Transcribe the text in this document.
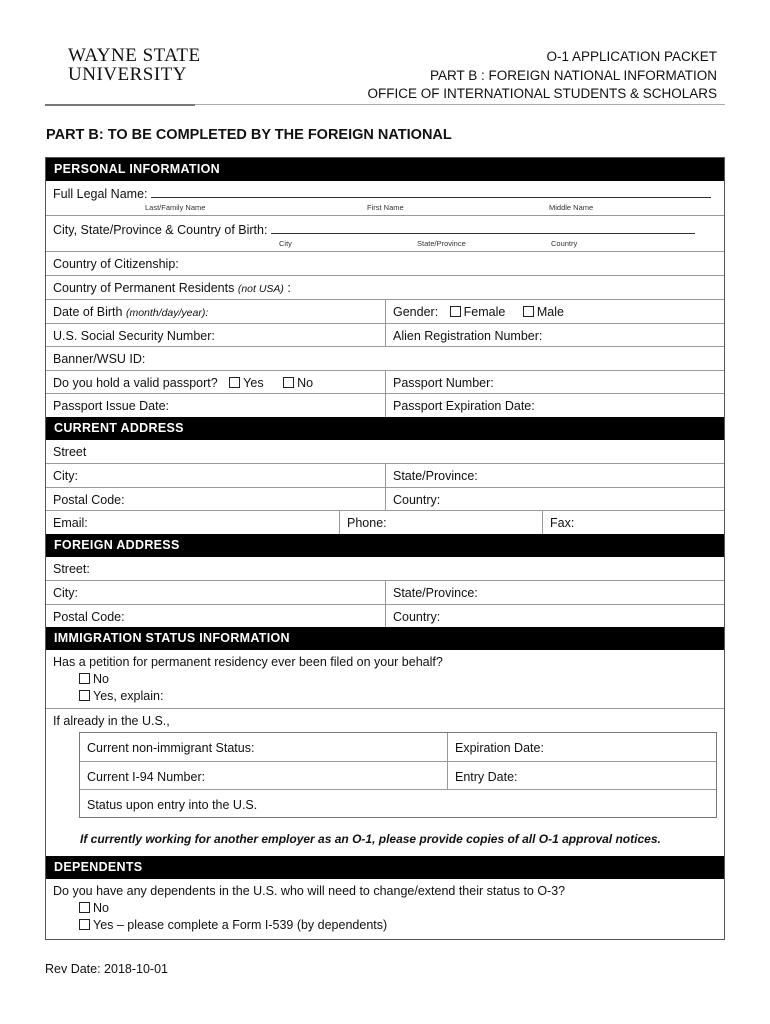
WAYNE STATE
UNIVERSITY
O-1 APPLICATION PACKET
PART B : FOREIGN NATIONAL INFORMATION
OFFICE OF INTERNATIONAL STUDENTS & SCHOLARS
PART B: TO BE COMPLETED BY THE FOREIGN NATIONAL
PERSONAL INFORMATION
Full Legal Name:
Last/Family Name	First Name	Middle Name
City, State/Province & Country of Birth:
City	State/Province	Country
Country of Citizenship:
Country of Permanent Residents (not USA) :
Date of Birth (month/day/year):	Gender: Female	Male
U.S. Social Security Number:	Alien Registration Number:
Banner/WSU ID:
Do you hold a valid passport? Yes	No	Passport Number:
Passport Issue Date:	Passport Expiration Date:
CURRENT ADDRESS
Street
City:	State/Province:
Postal Code:	Country:
Email:	Phone:	Fax:
FOREIGN ADDRESS
Street:
City:	State/Province:
Postal Code:	Country:
IMMIGRATION STATUS INFORMATION
Has a petition for permanent residency ever been filed on your behalf?
No
Yes, explain:
If already in the U.S.,
Current non-immigrant Status:	Expiration Date:
Current I-94 Number:	Entry Date:
Status upon entry into the U.S.
If currently working for another employer as an O-1, please provide copies of all O-1 approval notices.
DEPENDENTS
Do you have any dependents in the U.S. who will need to change/extend their status to O-3?
No
Yes – please complete a Form I-539 (by dependents)
Rev Date: 2018-10-01
